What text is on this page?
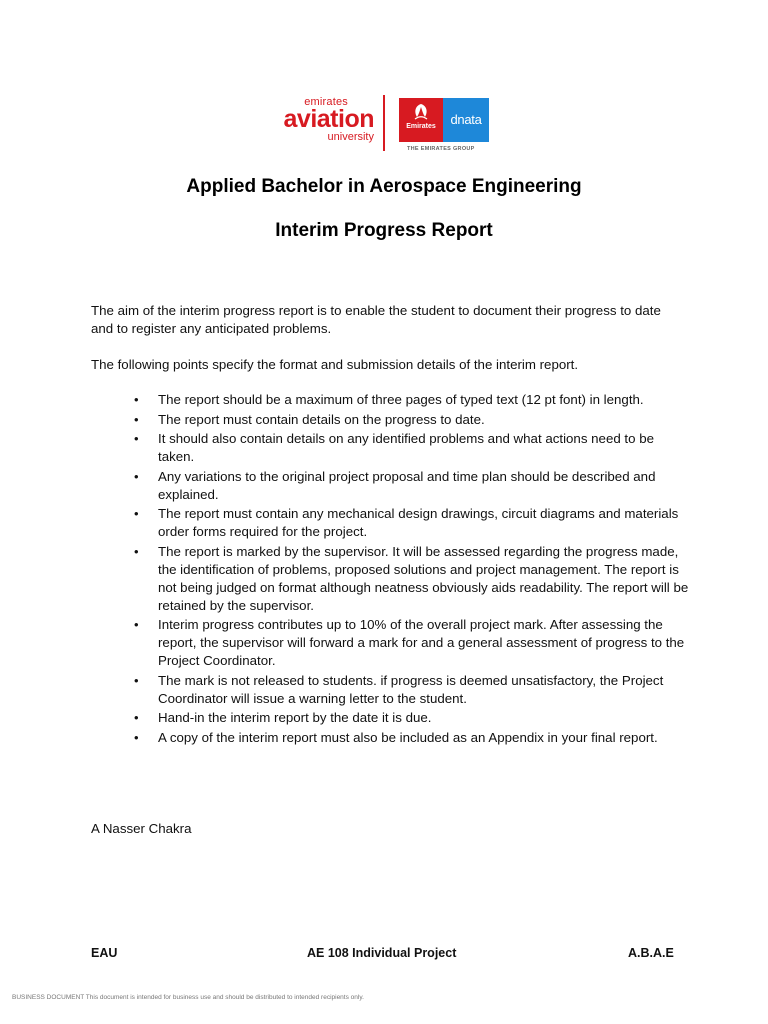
emirates
aviation
university
Emirates	dnata
THE EMIRATES GROUP
Applied Bachelor in Aerospace Engineering
Interim Progress Report

The aim of the interim progress report is to enable the student to document their progress to date and to register any anticipated problems.

The following points specify the format and submission details of the interim report.

• The report should be a maximum of three pages of typed text (12 pt font) in length.
• The report must contain details on the progress to date.
• It should also contain details on any identified problems and what actions need to be taken.
• Any variations to the original project proposal and time plan should be described and explained.
• The report must contain any mechanical design drawings, circuit diagrams and materials order forms required for the project.
• The report is marked by the supervisor. It will be assessed regarding the progress made, the identification of problems, proposed solutions and project management. The report is not being judged on format although neatness obviously aids readability. The report will be retained by the supervisor.
• Interim progress contributes up to 10% of the overall project mark. After assessing the report, the supervisor will forward a mark for and a general assessment of progress to the Project Coordinator.
• The mark is not released to students. if progress is deemed unsatisfactory, the Project Coordinator will issue a warning letter to the student.
• Hand-in the interim report by the date it is due.
• A copy of the interim report must also be included as an Appendix in your final report.

A Nasser Chakra

EAU	AE 108 Individual Project	A.B.A.E

BUSINESS DOCUMENT This document is intended for business use and should be distributed to intended recipients only.
